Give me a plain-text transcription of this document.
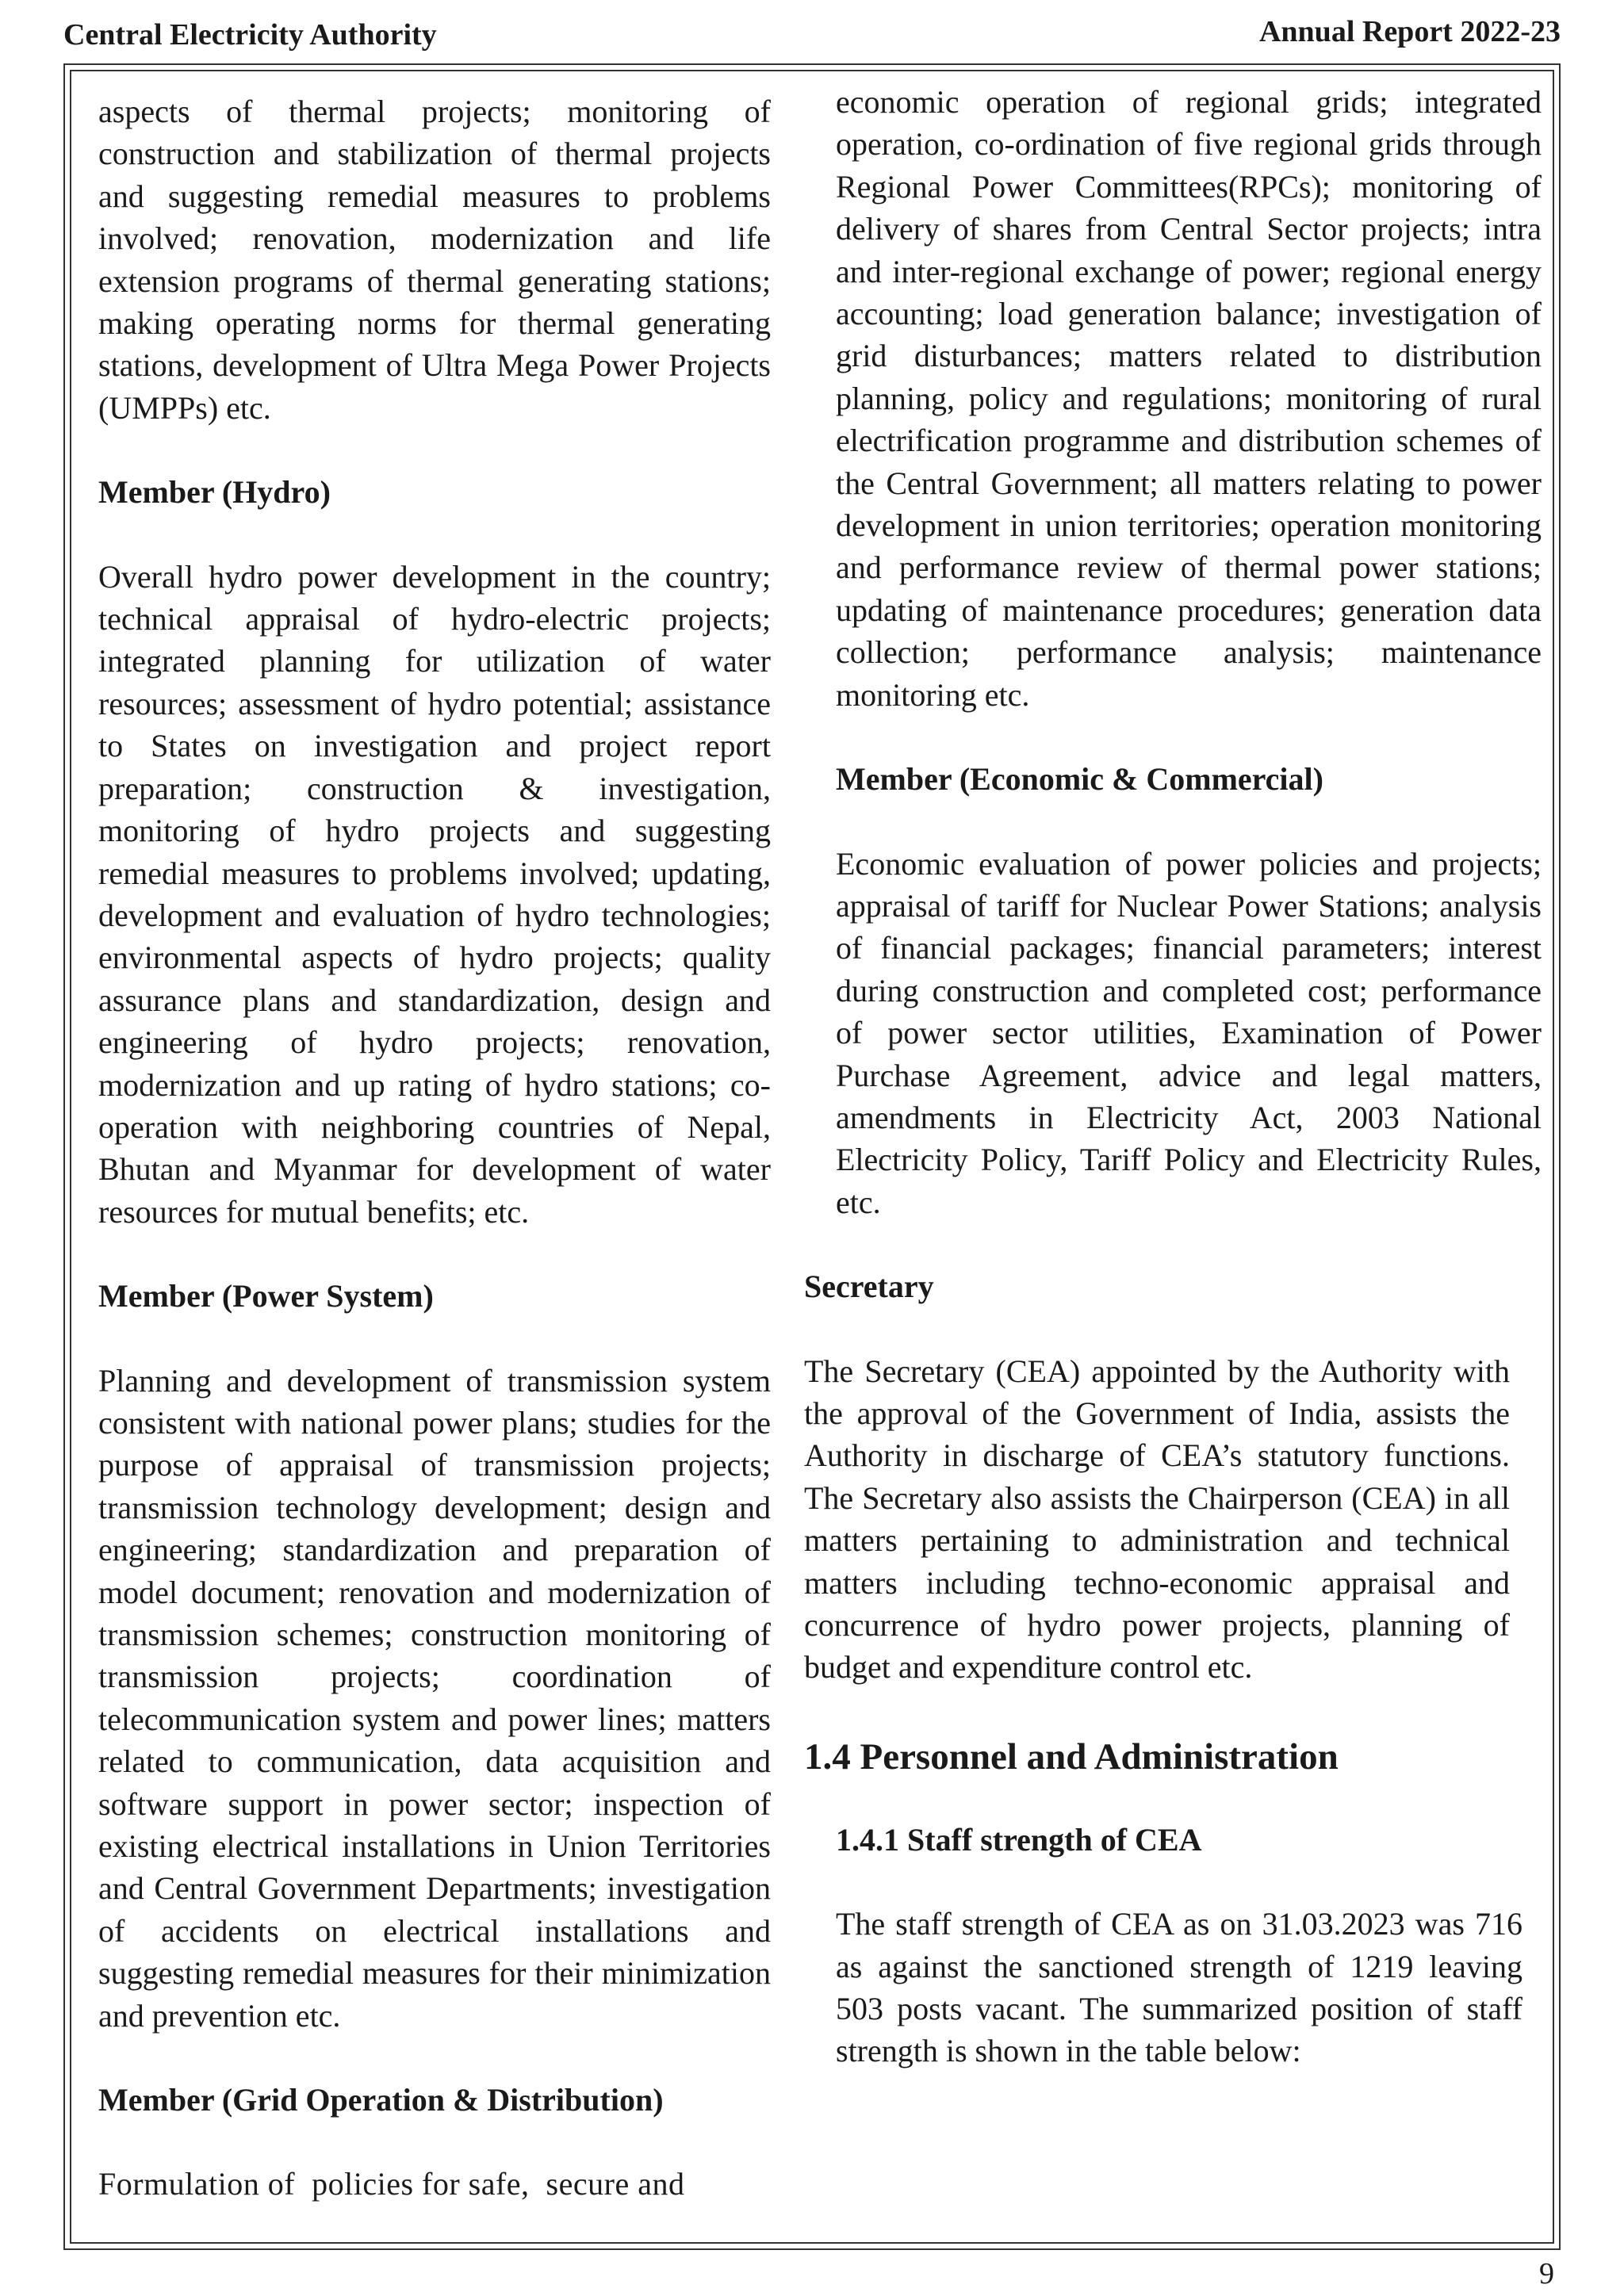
Central Electricity Authority	Annual Report 2022-23

aspects of thermal projects; monitoring of construction and stabilization of thermal projects and suggesting remedial measures to problems involved; renovation, modernization and life extension programs of thermal generating stations; making operating norms for thermal generating stations, development of Ultra Mega Power Projects (UMPPs) etc.

Member (Hydro)

Overall hydro power development in the country; technical appraisal of hydro-electric projects; integrated planning for utilization of water resources; assessment of hydro potential; assistance to States on investigation and project report preparation; construction & investigation, monitoring of hydro projects and suggesting remedial measures to problems involved; updating, development and evaluation of hydro technologies; environmental aspects of hydro projects; quality assurance plans and standardization, design and engineering of hydro projects; renovation, modernization and up rating of hydro stations; co-operation with neighboring countries of Nepal, Bhutan and Myanmar for development of water resources for mutual benefits; etc.

Member (Power System)

Planning and development of transmission system consistent with national power plans; studies for the purpose of appraisal of transmission projects; transmission technology development; design and engineering; standardization and preparation of model document; renovation and modernization of transmission schemes; construction monitoring of transmission projects; coordination of telecommunication system and power lines; matters related to communication, data acquisition and software support in power sector; inspection of existing electrical installations in Union Territories and Central Government Departments; investigation of accidents on electrical installations and suggesting remedial measures for their minimization and prevention etc.

Member (Grid Operation & Distribution)

Formulation of  policies for safe,  secure and

economic operation of regional grids; integrated operation, co-ordination of five regional grids through Regional Power Committees(RPCs); monitoring of delivery of shares from Central Sector projects; intra and inter-regional exchange of power; regional energy accounting; load generation balance; investigation of grid disturbances; matters related to distribution planning, policy and regulations; monitoring of rural electrification programme and distribution schemes of the Central Government; all matters relating to power development in union territories; operation monitoring and performance review of thermal power stations; updating of maintenance procedures; generation data collection; performance analysis; maintenance monitoring etc.

Member (Economic & Commercial)

Economic evaluation of power policies and projects; appraisal of tariff for Nuclear Power Stations; analysis of financial packages; financial parameters; interest during construction and completed cost; performance of power sector utilities, Examination of Power Purchase Agreement, advice and legal matters, amendments in Electricity Act, 2003 National Electricity Policy, Tariff Policy and Electricity Rules, etc.

Secretary

The Secretary (CEA) appointed by the Authority with the approval of the Government of India, assists the Authority in discharge of CEA’s statutory functions. The Secretary also assists the Chairperson (CEA) in all matters pertaining to administration and technical matters including techno-economic appraisal and concurrence of hydro power projects, planning of budget and expenditure control etc.

1.4 Personnel and Administration

1.4.1 Staff strength of CEA

The staff strength of CEA as on 31.03.2023 was 716 as against the sanctioned strength of 1219 leaving 503 posts vacant. The summarized position of staff strength is shown in the table below:

9
